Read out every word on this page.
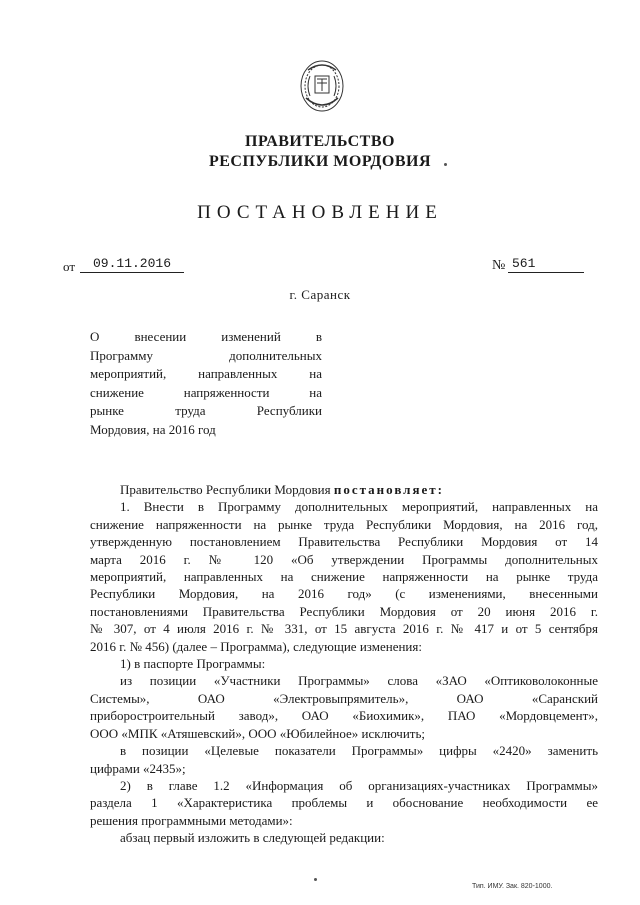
ПРАВИТЕЛЬСТВО
РЕСПУБЛИКИ МОРДОВИЯ
ПОСТАНОВЛЕНИЕ
от	09.11.2016	№ 561
г. Саранск
О внесении изменений в
Программу дополнительных
мероприятий, направленных на
снижение напряженности на
рынке труда Республики
Мордовия, на 2016 год
Правительство Республики Мордовия постановляет:
1. Внести в Программу дополнительных мероприятий, направленных на
снижение напряженности на рынке труда Республики Мордовия, на 2016 год,
утвержденную постановлением Правительства Республики Мордовия от 14
марта 2016 г. № 120 «Об утверждении Программы дополнительных
мероприятий, направленных на снижение напряженности на рынке труда
Республики Мордовия, на 2016 год» (с изменениями, внесенными
постановлениями Правительства Республики Мордовия от 20 июня 2016 г.
№ 307, от 4 июля 2016 г. № 331, от 15 августа 2016 г. № 417 и от 5 сентября
2016 г. № 456) (далее – Программа), следующие изменения:
1) в паспорте Программы:
из позиции «Участники Программы» слова «ЗАО «Оптиковолоконные
Системы», ОАО «Электровыпрямитель», ОАО «Саранский
приборостроительный завод», ОАО «Биохимик», ПАО «Мордовцемент»,
ООО «МПК «Атяшевский», ООО «Юбилейное» исключить;
в позиции «Целевые показатели Программы» цифры «2420» заменить
цифрами «2435»;
2) в главе 1.2 «Информация об организациях-участниках Программы»
раздела 1 «Характеристика проблемы и обоснование необходимости ее
решения программными методами»:
абзац первый изложить в следующей редакции:
Тип. ИМУ. Зак. 820-1000.
